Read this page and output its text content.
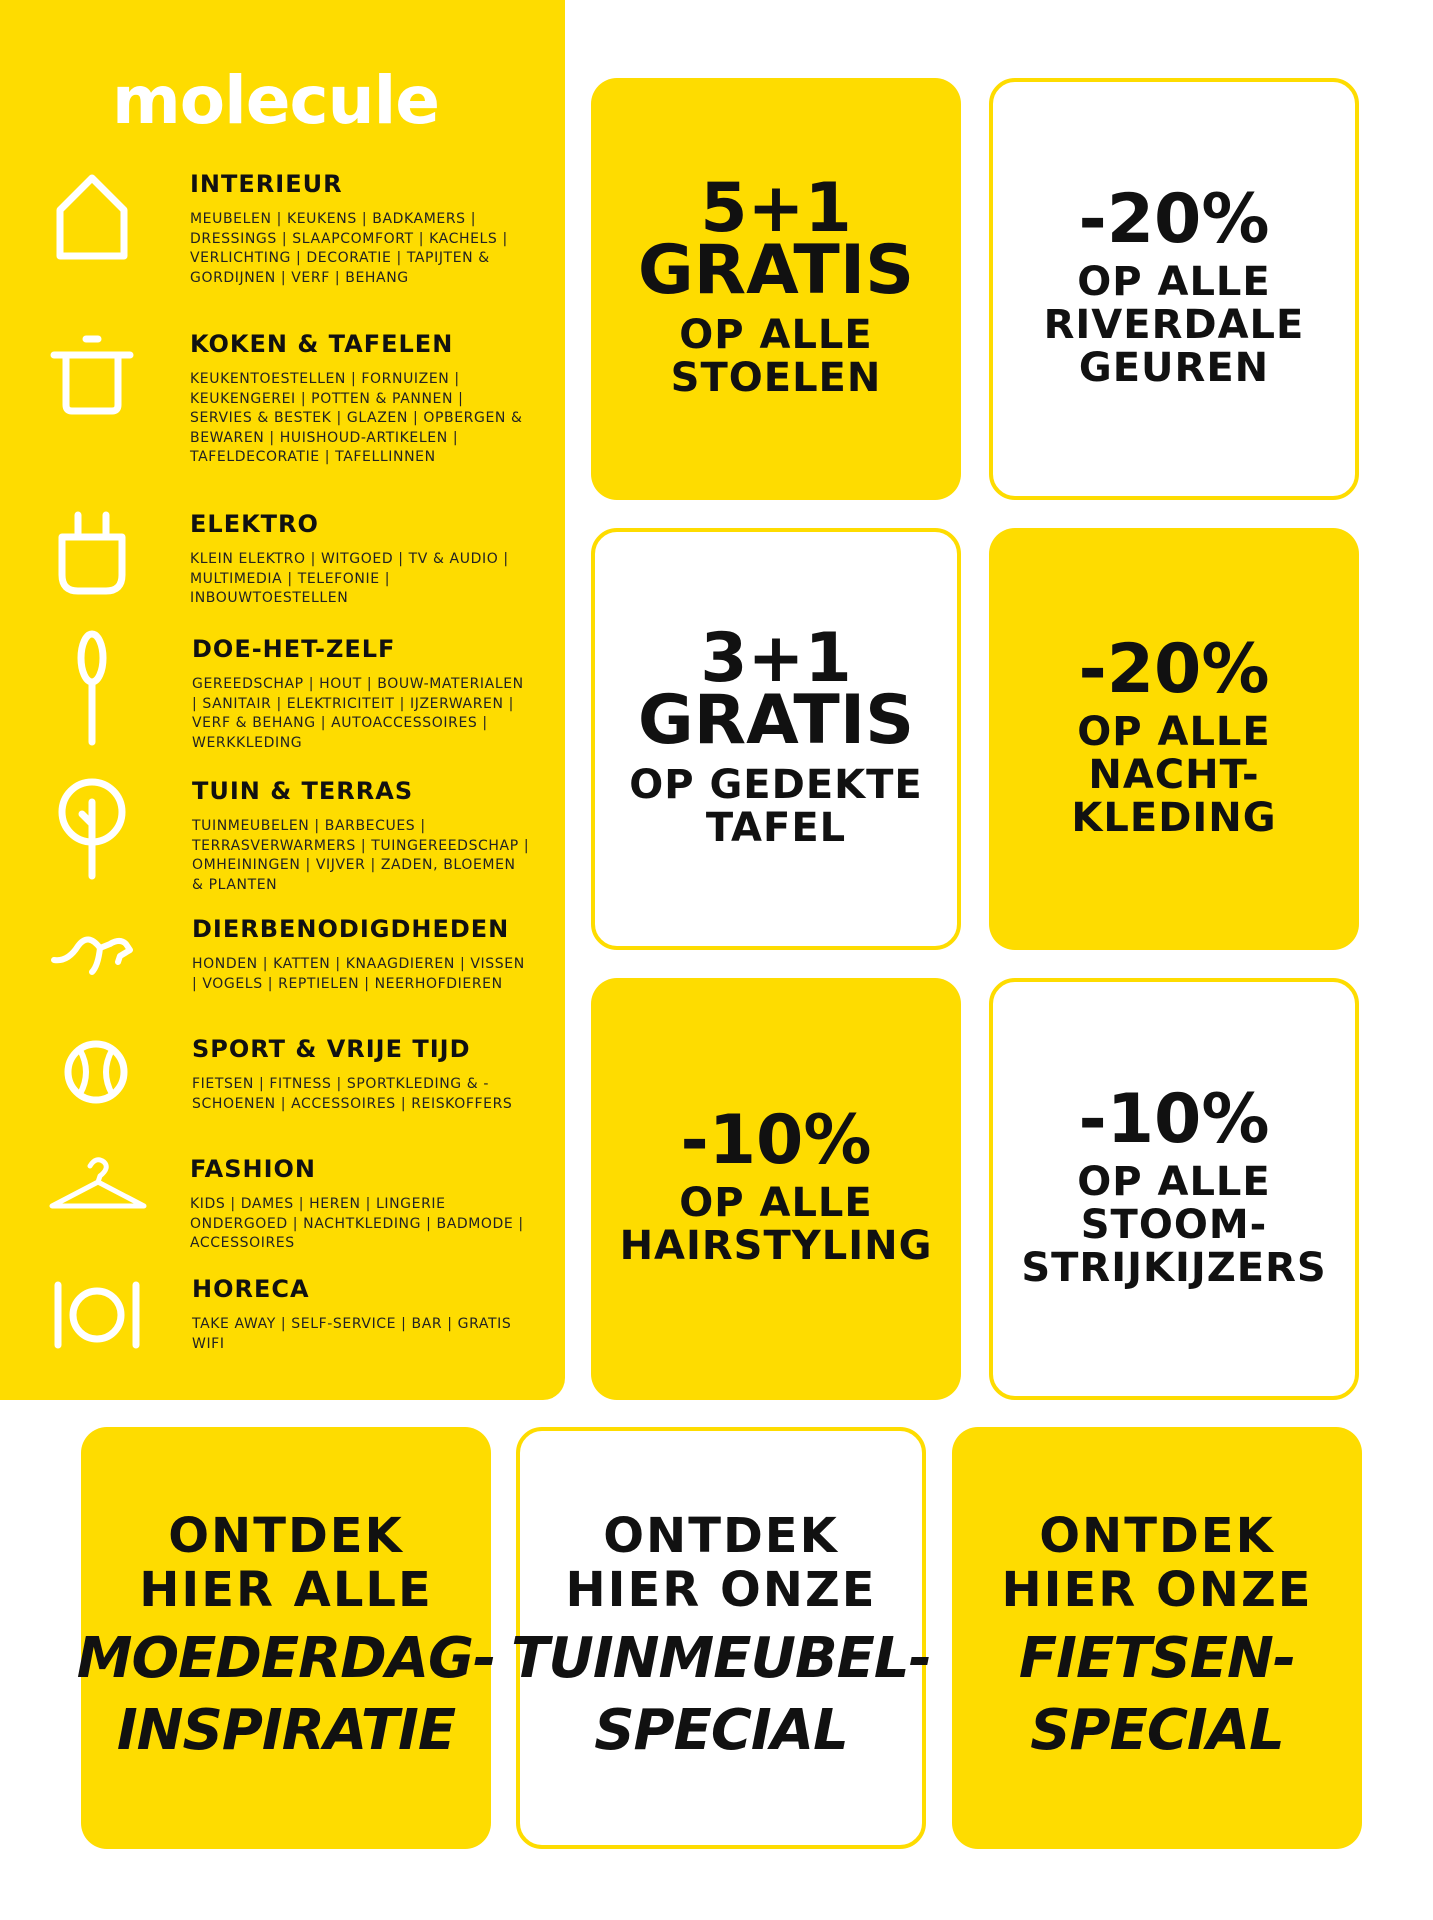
molecule
INTERIEUR

MEUBELEN | KEUKENS | BADKAMERS | DRESSINGS | SLAAPCOMFORT | KACHELS | VERLICHTING | DECORATIE | TAPIJTEN & GORDIJNEN | VERF | BEHANG

KOKEN & TAFELEN

KEUKENTOESTELLEN | FORNUIZEN | KEUKENGEREI | POTTEN & PANNEN | SERVIES & BESTEK | GLAZEN | OPBERGEN & BEWAREN | HUISHOUD-ARTIKELEN | TAFELDECORATIE | TAFELLINNEN

ELEKTRO

KLEIN ELEKTRO | WITGOED | TV & AUDIO | MULTIMEDIA | TELEFONIE | INBOUWTOESTELLEN

DOE-HET-ZELF

GEREEDSCHAP | HOUT | BOUW-MATERIALEN | SANITAIR | ELEKTRICITEIT | IJZERWAREN | VERF & BEHANG | AUTOACCESSOIRES | WERKKLEDING

TUIN & TERRAS

TUINMEUBELEN | BARBECUES | TERRASVERWARMERS | TUINGEREEDSCHAP | OMHEININGEN | VIJVER | ZADEN, BLOEMEN & PLANTEN

DIERBENODIGDHEDEN

HONDEN | KATTEN | KNAAGDIEREN | VISSEN | VOGELS | REPTIELEN | NEERHOFDIEREN

SPORT & VRIJE TIJD

FIETSEN | FITNESS | SPORTKLEDING & -SCHOENEN | ACCESSOIRES | REISKOFFERS

FASHION

KIDS | DAMES | HEREN | LINGERIE ONDERGOED | NACHTKLEDING | BADMODE | ACCESSOIRES

HORECA

TAKE AWAY | SELF-SERVICE | BAR | GRATIS WIFI

5+1
GRATIS
OP ALLE
STOELEN
-20%
OP ALLE
RIVERDALE
GEUREN
3+1
GRATIS
OP GEDEKTE
TAFEL
-20%
OP ALLE
NACHT-
KLEDING
-10%
OP ALLE
HAIRSTYLING
-10%
OP ALLE
STOOM-
STRIJKIJZERS
ONTDEK
HIER ALLE
MOEDERDAG-
INSPIRATIE
ONTDEK
HIER ONZE
TUINMEUBEL-
SPECIAL
ONTDEK
HIER ONZE
FIETSEN-
SPECIAL
